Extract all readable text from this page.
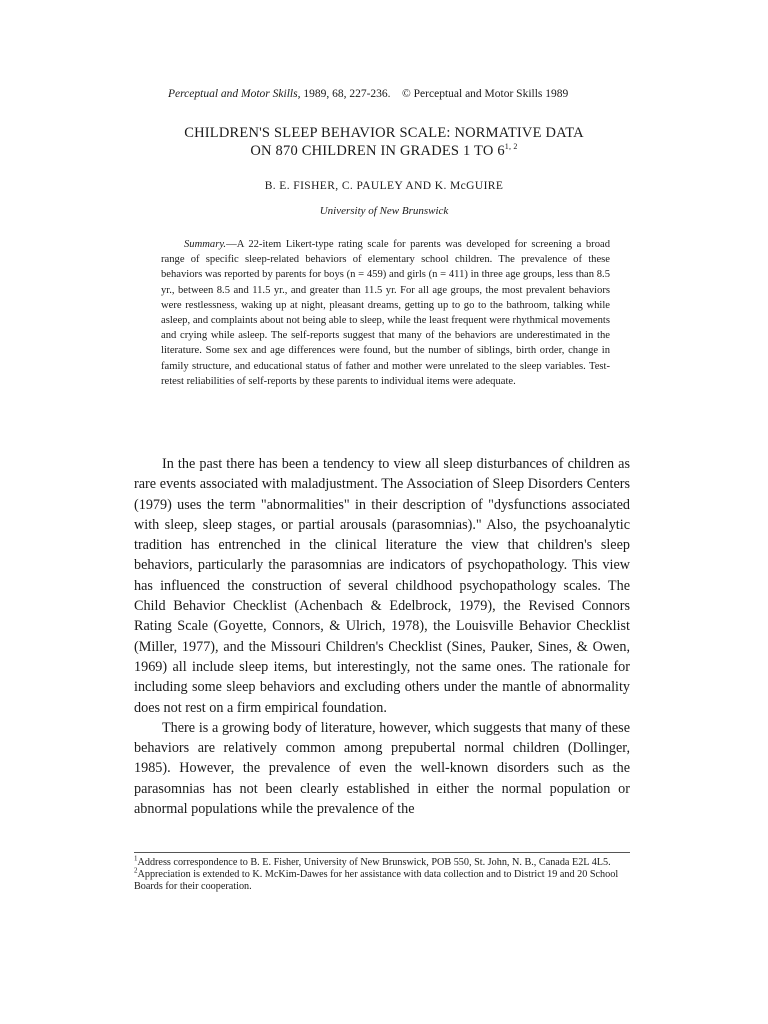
Perceptual and Motor Skills, 1989, 68, 227-236. © Perceptual and Motor Skills 1989
CHILDREN'S SLEEP BEHAVIOR SCALE: NORMATIVE DATA
ON 870 CHILDREN IN GRADES 1 TO 6$^{1, 2}$
B. E. FISHER, C. PAULEY AND K. McGUIRE
University of New Brunswick

Summary.—A 22-item Likert-type rating scale for parents was developed for screening a broad range of specific sleep-related behaviors of elementary school children. The prevalence of these behaviors was reported by parents for boys (n = 459) and girls (n = 411) in three age groups, less than 8.5 yr., between 8.5 and 11.5 yr., and greater than 11.5 yr. For all age groups, the most prevalent behaviors were restlessness, waking up at night, pleasant dreams, getting up to go to the bathroom, talking while asleep, and complaints about not being able to sleep, while the least frequent were rhythmical movements and crying while asleep. The self-reports suggest that many of the behaviors are underestimated in the literature. Some sex and age differences were found, but the number of siblings, birth order, change in family structure, and educational status of father and mother were unrelated to the sleep variables. Test-retest reliabilities of self-reports by these parents to individual items were adequate.

In the past there has been a tendency to view all sleep disturbances of children as rare events associated with maladjustment. The Association of Sleep Disorders Centers (1979) uses the term "abnormalities" in their description of "dysfunctions associated with sleep, sleep stages, or partial arousals (parasomnias)." Also, the psychoanalytic tradition has entrenched in the clinical literature the view that children's sleep behaviors, particularly the parasomnias are indicators of psychopathology. This view has influenced the construction of several childhood psychopathology scales. The Child Behavior Checklist (Achenbach & Edelbrock, 1979), the Revised Connors Rating Scale (Goyette, Connors, & Ulrich, 1978), the Louisville Behavior Checklist (Miller, 1977), and the Missouri Children's Checklist (Sines, Pauker, Sines, & Owen, 1969) all include sleep items, but interestingly, not the same ones. The rationale for including some sleep behaviors and excluding others under the mantle of abnormality does not rest on a firm empirical foundation.

There is a growing body of literature, however, which suggests that many of these behaviors are relatively common among prepubertal normal children (Dollinger, 1985). However, the prevalence of even the well-known disorders such as the parasomnias has not been clearly established in either the normal population or abnormal populations while the prevalence of the

$^1$Address correspondence to B. E. Fisher, University of New Brunswick, POB 550, St. John, N. B., Canada E2L 4L5.

$^2$Appreciation is extended to K. McKim-Dawes for her assistance with data collection and to District 19 and 20 School Boards for their cooperation.
